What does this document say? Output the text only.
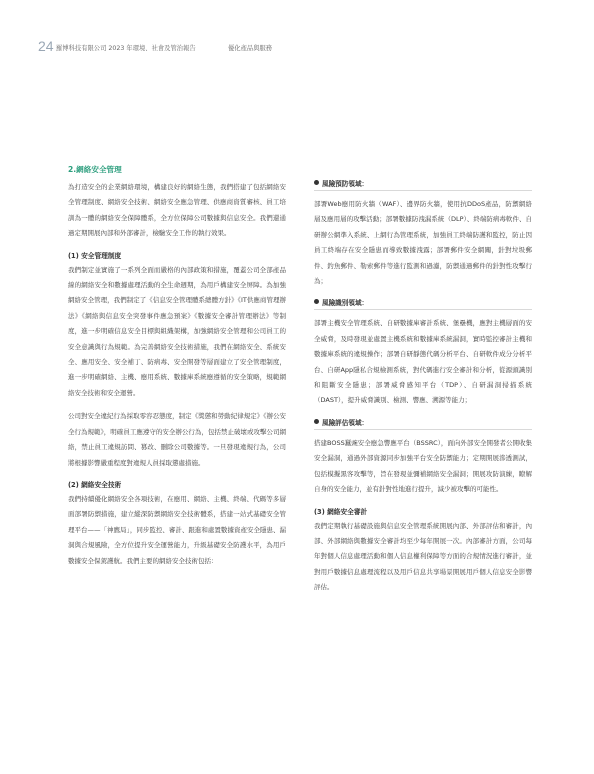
24 羅博科技有限公司 2023 年環境、社會及管治報告	優化產品與服務
2.網絡安全管理

為打造安全的企業網絡環境，構建良好的網絡生態，我們搭建了包括網絡安全管理制度、網絡安全技術、網絡安全應急管理、供應商資質審核、員工培訓為一體的網絡安全保障體系，全方位保障公司數據與信息安全。我們還通過定期開展內部和外部審計，檢驗安全工作的執行效果。

(1) 安全管理制度

我們制定並實施了一系列全面而嚴格的內部政策和措施，覆蓋公司全部產品線的網絡安全和數據處理活動的全生命週期，為用戶構建安全屏障。為加強網絡安全管理，我們制定了《信息安全管理體系總體方針》《IT供應商管理辦法》《網絡與信息安全突發事件應急預案》《數據安全審計管理辦法》等制度，進一步明確信息安全目標與組織架構，加強網絡安全管理和公司員工的安全意識與行為規範。為完善網絡安全技術措施，我們在網絡安全、系統安全、應用安全、安全補丁、防病毒、安全開發等層面建立了安全管理制度，進一步明確網絡、主機、應用系統、數據庫系統應遵循的安全策略，規範網絡安全技術和安全運營。

公司對安全違紀行為採取零容忍態度，制定《獎懲和勞動紀律規定》《辦公安全行為規範》，明確員工應遵守的安全辦公行為，包括禁止破壞或攻擊公司網絡，禁止員工違規訪問、篡改、刪除公司數據等。一旦發現違規行為，公司將根據影響嚴重程度對違規人員採取懲處措施。

(2) 網絡安全技術

我們持續優化網絡安全各項技術，在應用、網絡、主機、終端、代碼等多層面部署防禦措施，建立縱深防禦網絡安全技術體系，搭建一站式基礎安全管理平台——「神鷹局」，同步監控、審計、跟進和處置數據資產安全隱患、漏洞與合規風險，全方位提升安全運營能力，升級基礎安全防護水平，為用戶數據安全保駕護航。我們主要的網絡安全技術包括：

風險預防領域：

部署Web應用防火牆（WAF）、邊界防火牆，使用抗DDoS產品，防禦網絡層及應用層的攻擊活動；部署數據防洩漏系統（DLP）、終端防病毒軟件、自研辦公網準入系統、上網行為管理系統，加強員工終端防護和監控，防止因員工終端存在安全隱患而導致數據洩露；部署郵件安全網關，針對垃圾郵件、釣魚郵件、勒索郵件等進行監測和過濾，防禦通過郵件的針對性攻擊行為；

風險識別領域：

部署主機安全管理系統、自研數據庫審計系統、堡壘機，應對主機層面的安全威脅，及時發現並處置主機系統和數據庫系統漏洞，實時監控審計主機和數據庫系統的違規操作；部署自研靜態代碼分析平台、自研軟件成分分析平台、自研App隱私合規檢測系統，對代碼進行安全審計和分析，從源頭識別和阻斷安全隱患；部署威脅感知平台（TDP）、自研漏洞掃描系統（DAST），提升威脅識別、檢測、響應、溯源等能力；

風險評估領域：

搭建BOSS蠶豌安全應急響應平台（BSSRC），面向外部安全開發者公開收集安全漏洞，通過外部資源同步加強平台安全防禦能力；定期開展滲透測試，包括模擬黑客攻擊等，旨在發現並彌補網絡安全漏洞；開展攻防演練，瞭解自身的安全能力，並有針對性地進行提升，減少被攻擊的可能性。

(3) 網絡安全審計

我們定期執行基礎設施與信息安全管理系統開展內部、外部評估和審計，內部、外部網絡與數據安全審計均至少每年開展一次。內部審計方面，公司每年對個人信息處理活動和個人信息權利保障等方面的合規情況進行審計，並對用戶數據信息處理流程以及用戶信息共享場景開展用戶個人信息安全影響評估。
